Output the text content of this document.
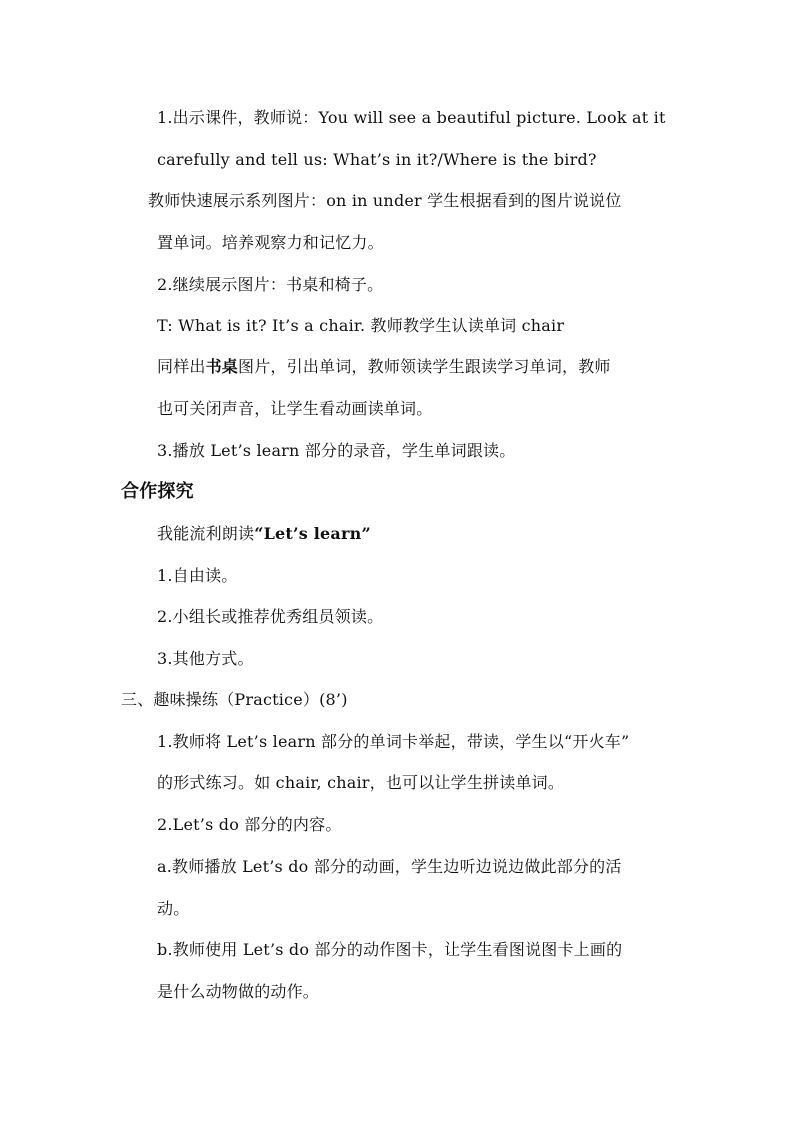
1.出示课件，教师说：You will see a beautiful picture. Look at it
carefully and tell us: What’s in it?/Where is the bird?
教师快速展示系列图片：on in under 学生根据看到的图片说说位
置单词。培养观察力和记忆力。
2.继续展示图片：书桌和椅子。
T: What is it? It’s a chair. 教师教学生认读单词 chair
同样出书桌图片，引出单词，教师领读学生跟读学习单词，教师
也可关闭声音，让学生看动画读单词。
3.播放 Let’s learn 部分的录音，学生单词跟读。
合作探究
我能流利朗读“Let’s learn”
1.自由读。
2.小组长或推荐优秀组员领读。
3.其他方式。
三、趣味操练（Practice）(8’)
1.教师将 Let’s learn 部分的单词卡举起，带读，学生以“开火车”
的形式练习。如 chair, chair，也可以让学生拼读单词。
2.Let’s do 部分的内容。
a.教师播放 Let’s do 部分的动画，学生边听边说边做此部分的活
动。
b.教师使用 Let’s do 部分的动作图卡，让学生看图说图卡上画的
是什么动物做的动作。
